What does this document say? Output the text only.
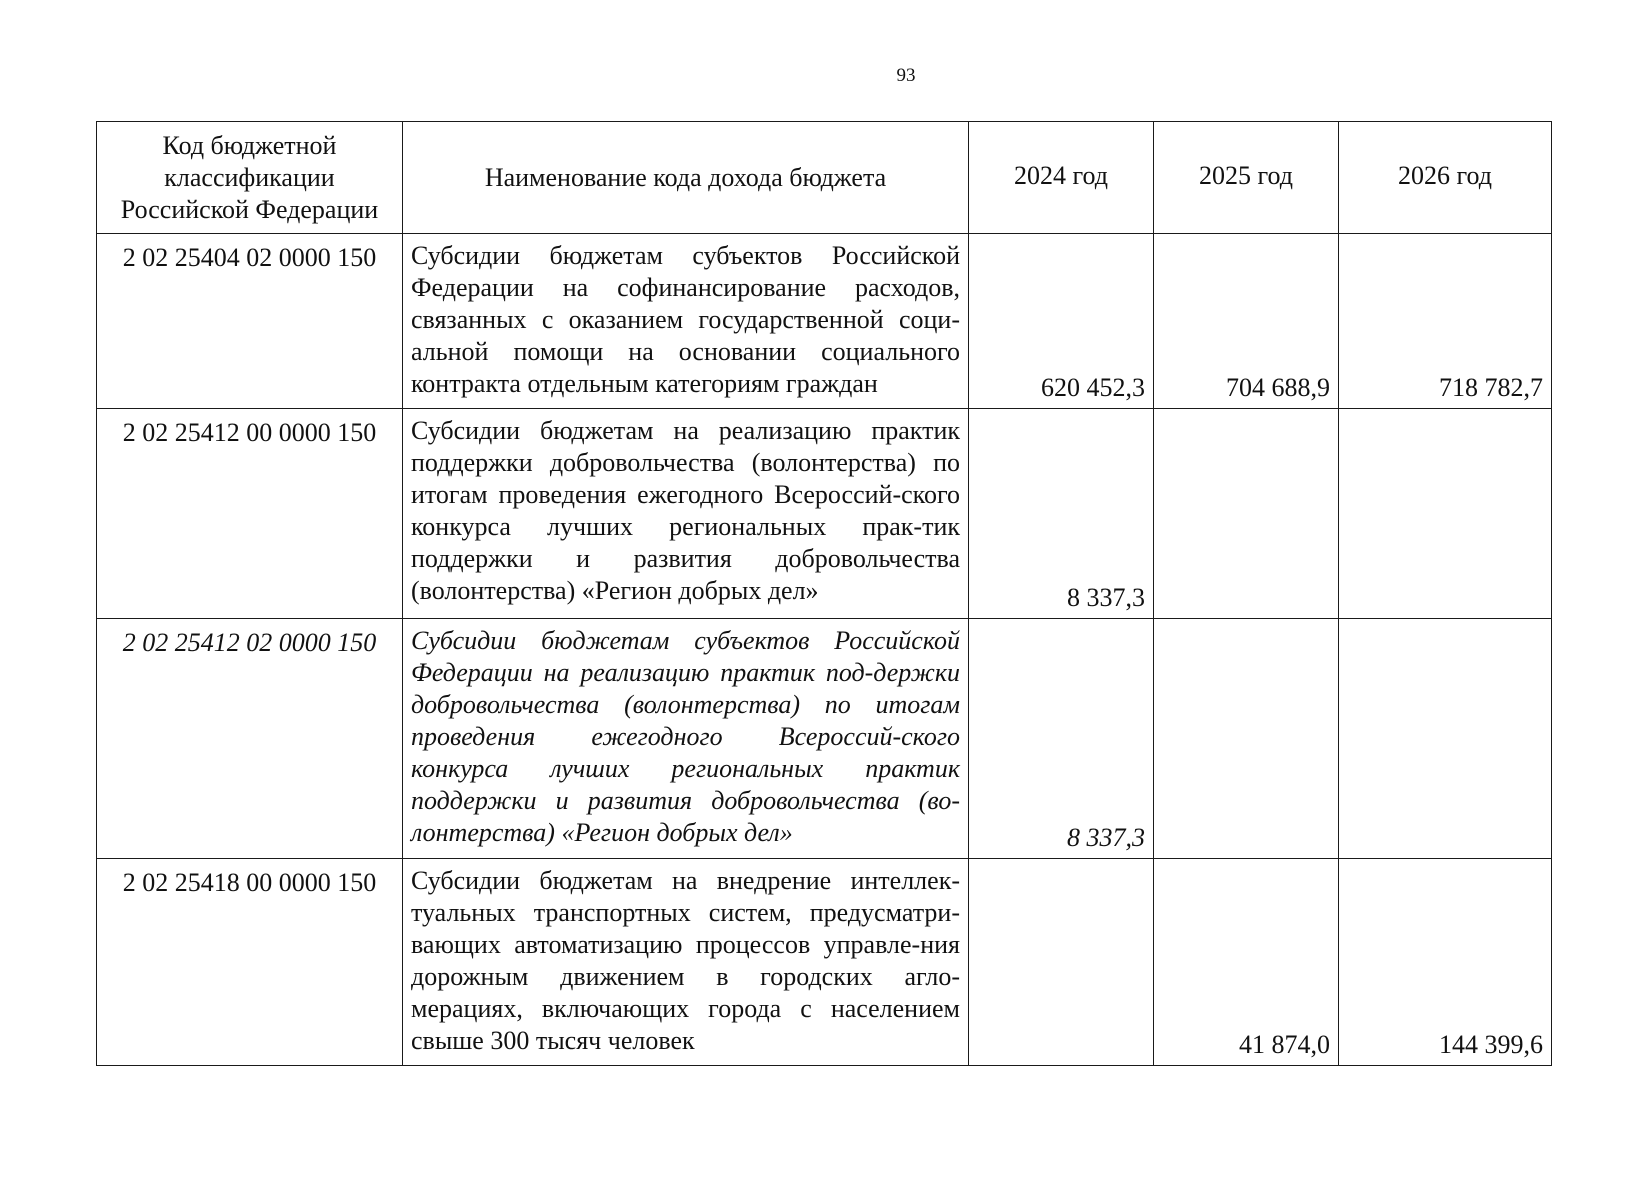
93
Код бюджетной классификации Российской Федерации	Наименование кода дохода бюджета	2024 год	2025 год	2026 год
2 02 25404 02 0000 150	Субсидии бюджетам субъектов Российской Федерации на софинансирование расходов, связанных с оказанием государственной соци-альной помощи на основании социального контракта отдельным категориям граждан	620 452,3	704 688,9	718 782,7
2 02 25412 00 0000 150	Субсидии бюджетам на реализацию практик поддержки добровольчества (волонтерства) по итогам проведения ежегодного Всероссий-ского конкурса лучших региональных прак-тик поддержки и развития добровольчества (волонтерства) «Регион добрых дел»	8 337,3		
2 02 25412 02 0000 150	Субсидии бюджетам субъектов Российской Федерации на реализацию практик под-держки добровольчества (волонтерства) по итогам проведения ежегодного Всероссий-ского конкурса лучших региональных практик поддержки и развития добровольчества (во-лонтерства) «Регион добрых дел»	8 337,3		
2 02 25418 00 0000 150	Субсидии бюджетам на внедрение интеллек-туальных транспортных систем, предусматри-вающих автоматизацию процессов управле-ния дорожным движением в городских агло-мерациях, включающих города с населением свыше 300 тысяч человек		41 874,0	144 399,6
